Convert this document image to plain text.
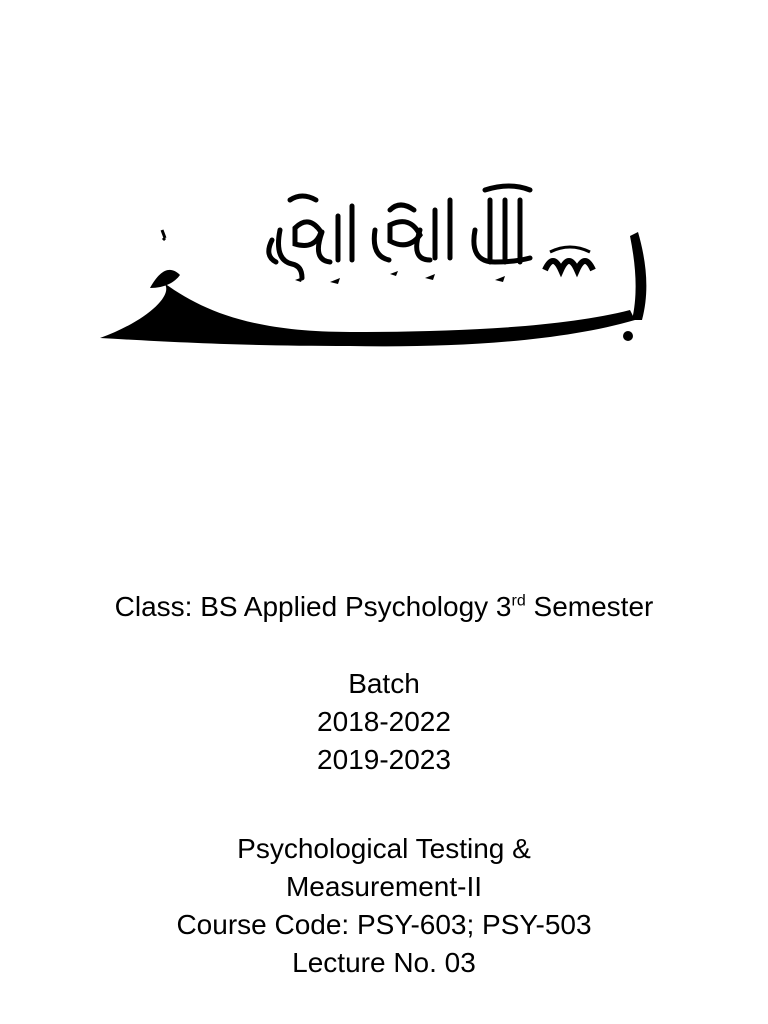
Class: BS Applied Psychology 3rd Semester
Batch
2018-2022
2019-2023
Psychological Testing &
Measurement-II
Course Code: PSY-603; PSY-503
Lecture No. 03
